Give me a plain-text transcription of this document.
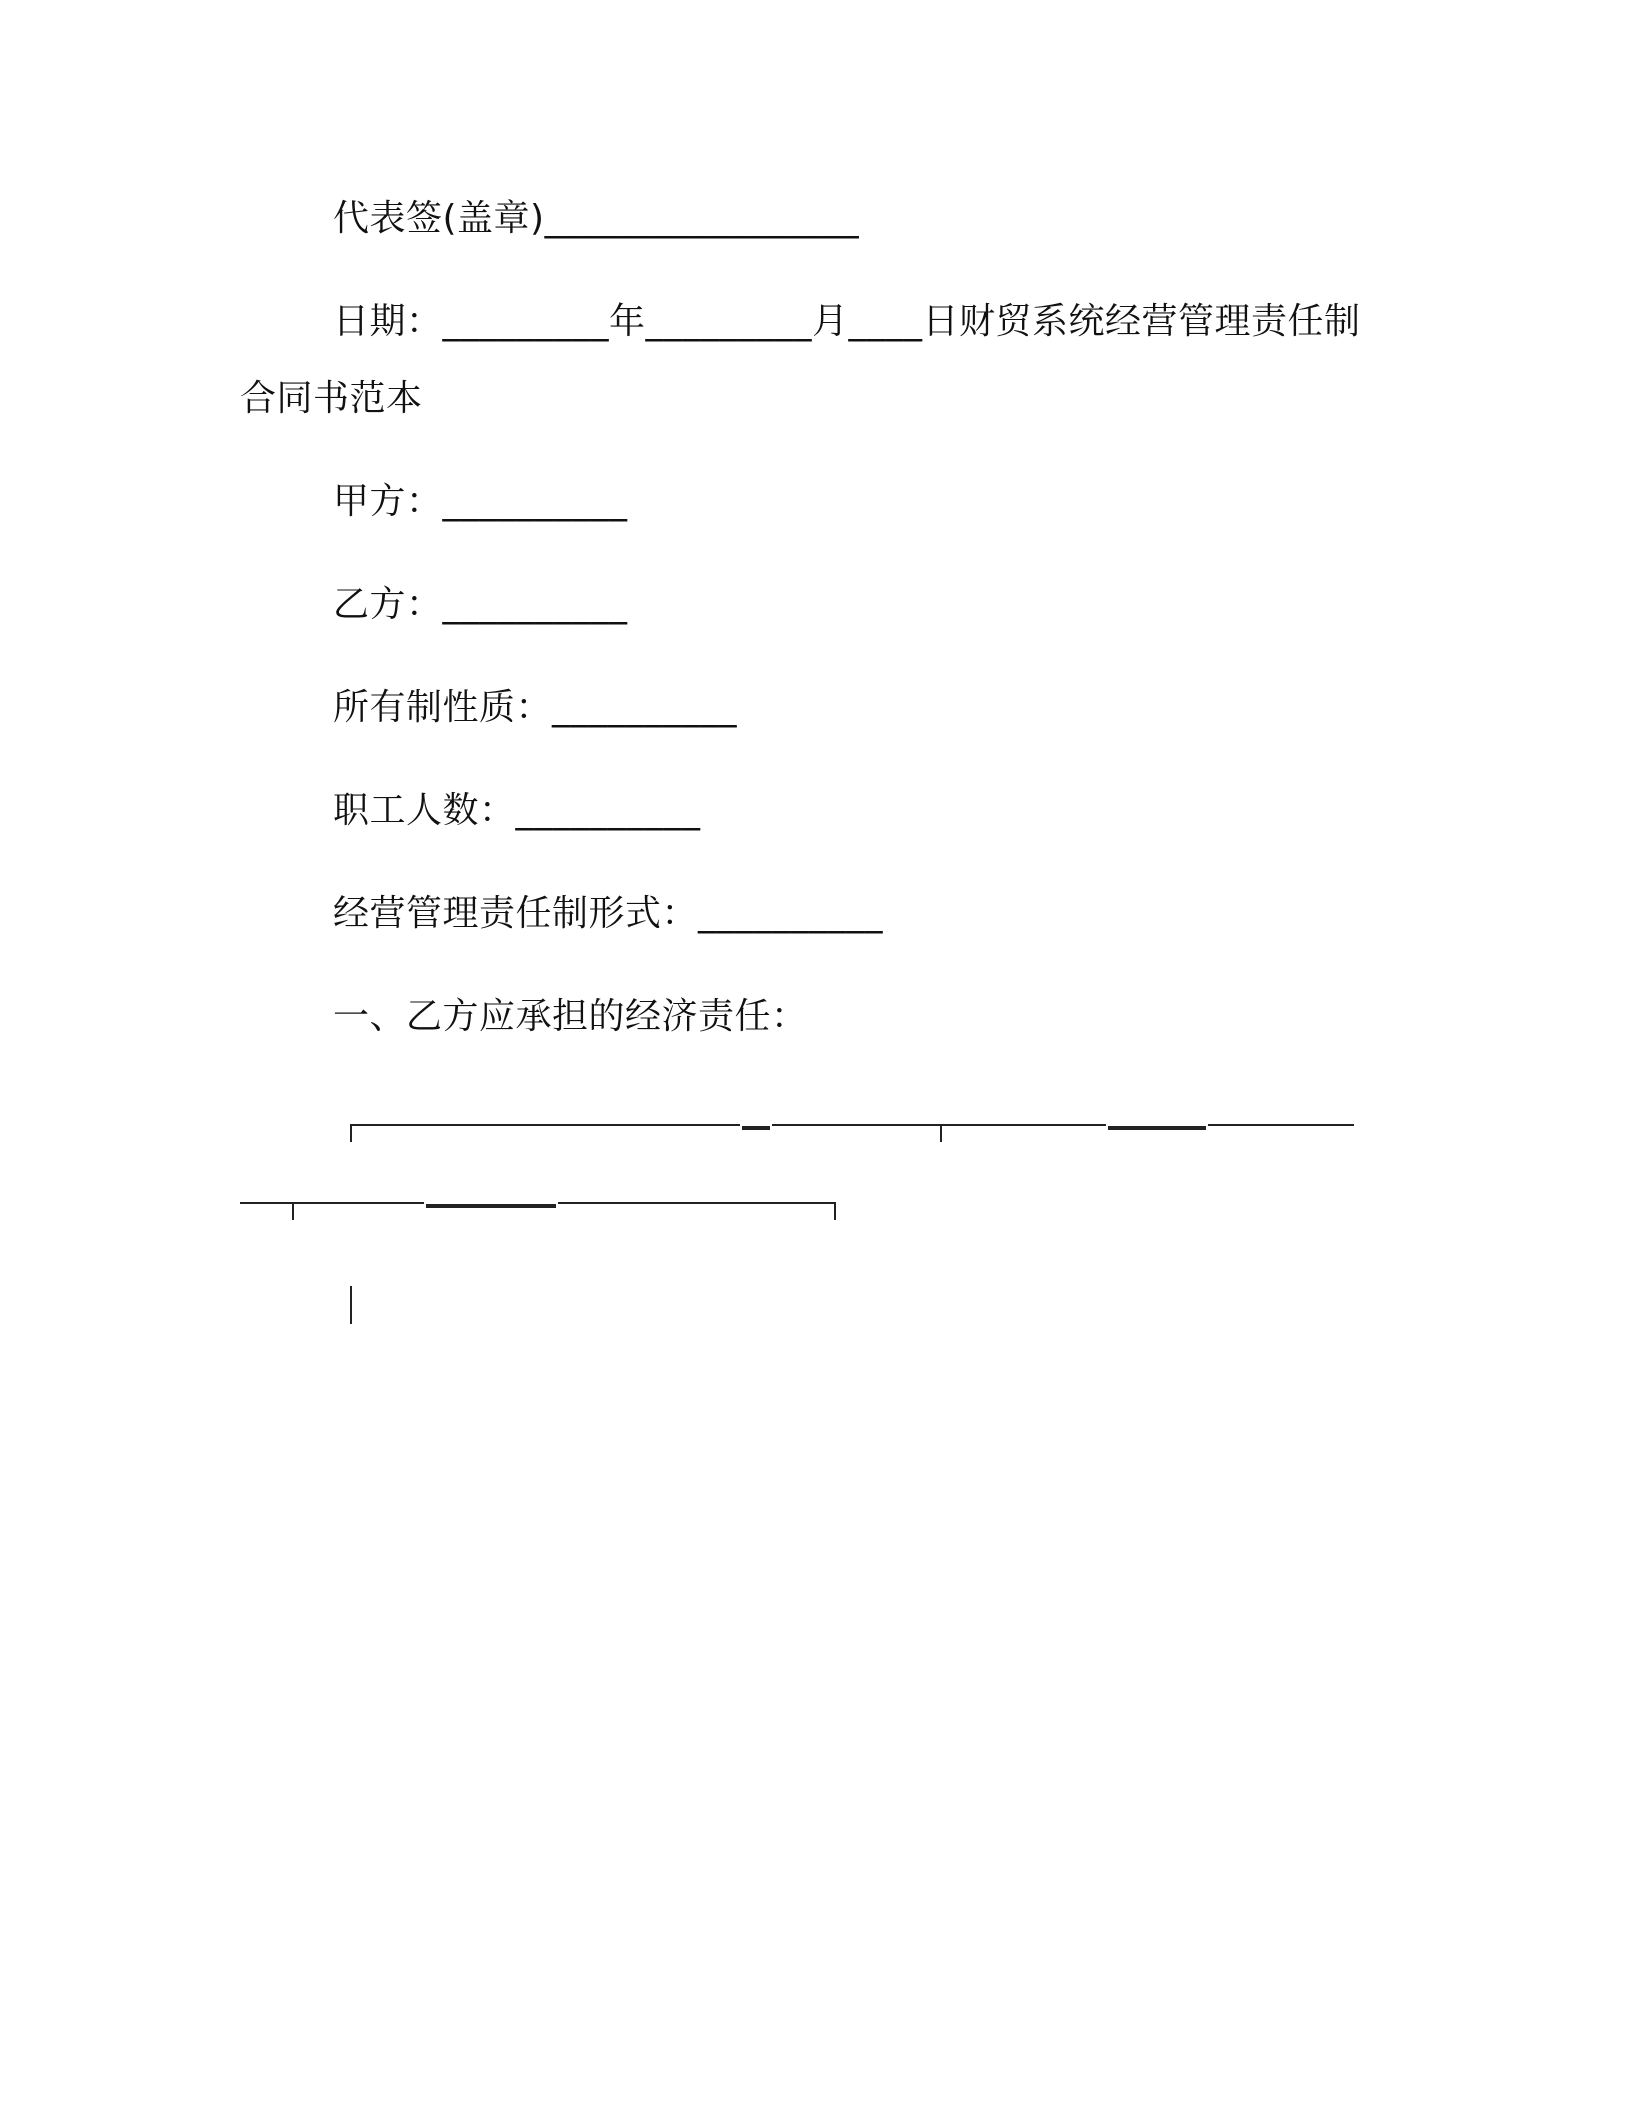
代表签(盖章)_________________
日期：_________年_________月____日财贸系统经营管理责任制
合同书范本
甲方：__________
乙方：__________
所有制性质：__________
职工人数：__________
经营管理责任制形式：__________
一、乙方应承担的经济责任：
